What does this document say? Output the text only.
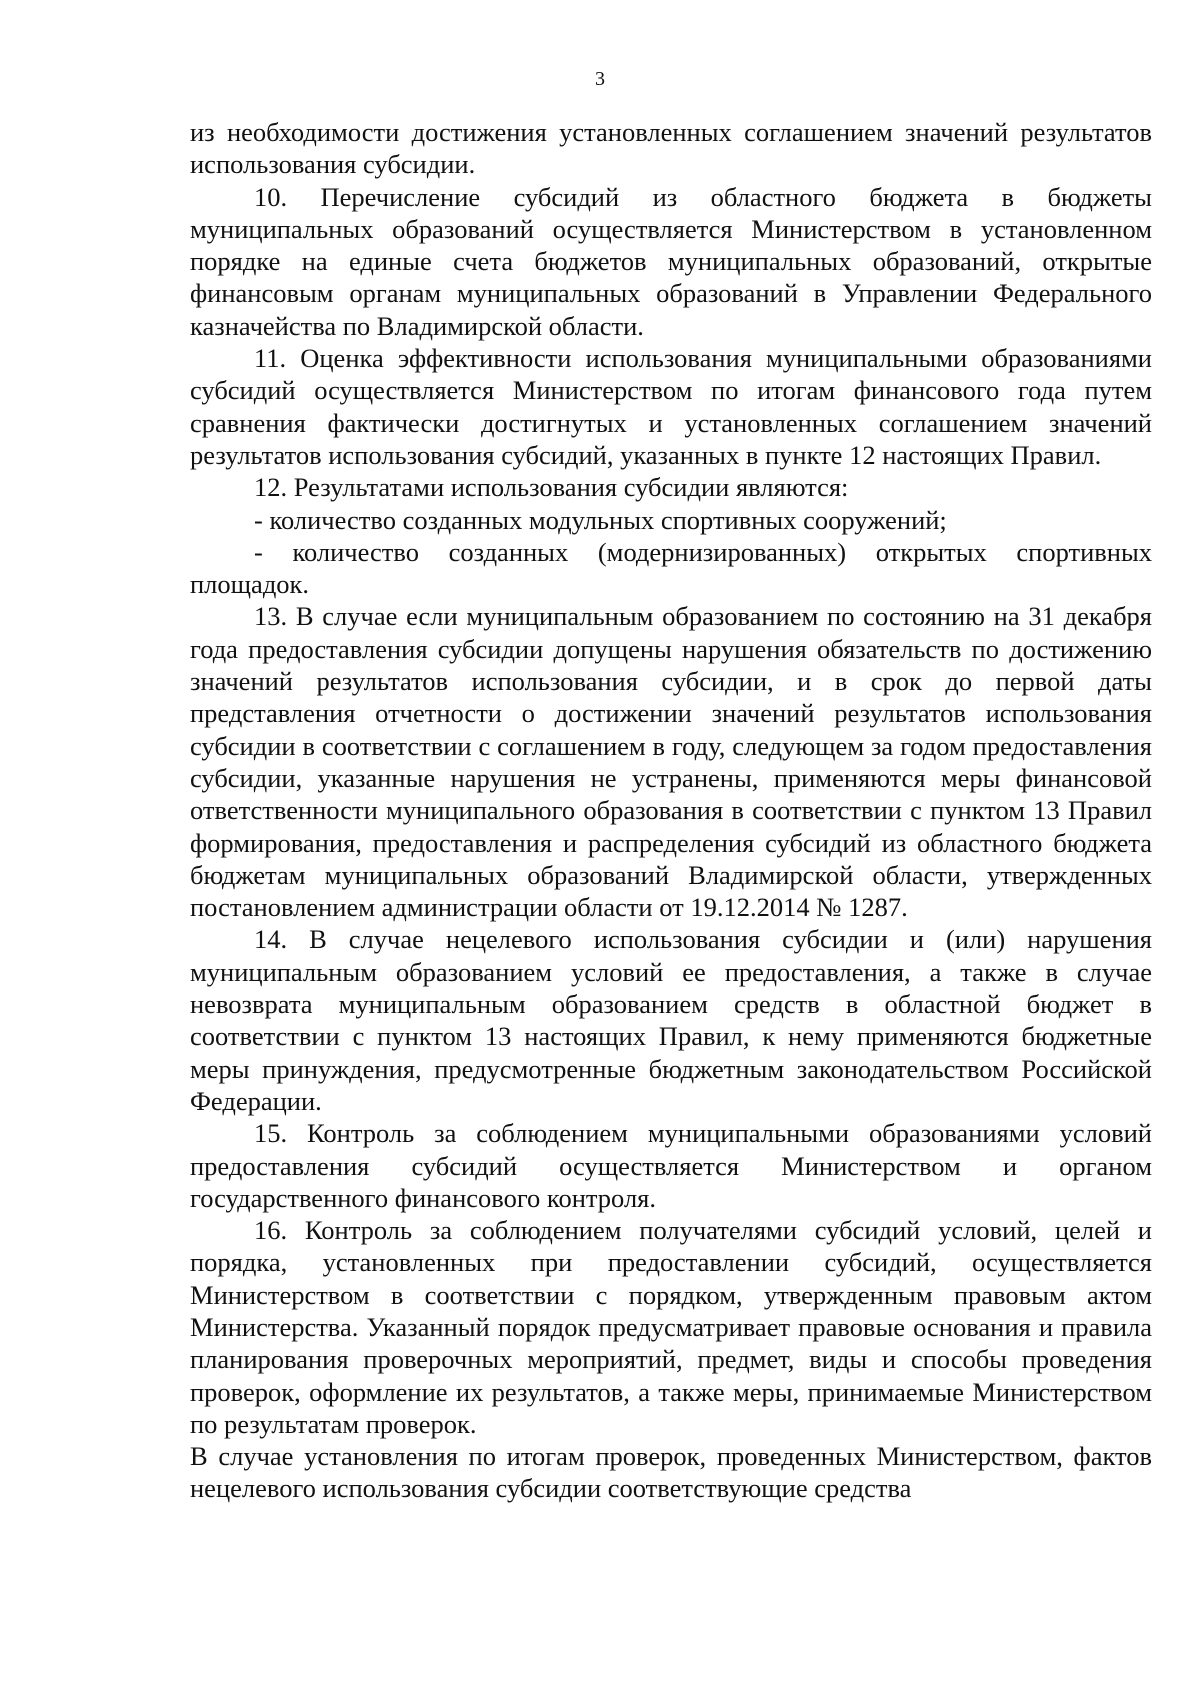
3

из необходимости достижения установленных соглашением значений результатов использования субсидии.

10. Перечисление субсидий из областного бюджета в бюджеты муниципальных образований осуществляется Министерством в установленном порядке на единые счета бюджетов муниципальных образований, открытые финансовым органам муниципальных образований в Управлении Федерального казначейства по Владимирской области.

11. Оценка эффективности использования муниципальными образованиями субсидий осуществляется Министерством по итогам финансового года путем сравнения фактически достигнутых и установленных соглашением значений результатов использования субсидий, указанных в пункте 12 настоящих Правил.

12. Результатами использования субсидии являются:

- количество созданных модульных спортивных сооружений;

- количество созданных (модернизированных) открытых спортивных площадок.

13. В случае если муниципальным образованием по состоянию на 31 декабря года предоставления субсидии допущены нарушения обязательств по достижению значений результатов использования субсидии, и в срок до первой даты представления отчетности о достижении значений результатов использования субсидии в соответствии с соглашением в году, следующем за годом предоставления субсидии, указанные нарушения не устранены, применяются меры финансовой ответственности муниципального образования в соответствии с пунктом 13 Правил формирования, предоставления и распределения субсидий из областного бюджета бюджетам муниципальных образований Владимирской области, утвержденных постановлением администрации области от 19.12.2014 № 1287.

14. В случае нецелевого использования субсидии и (или) нарушения муниципальным образованием условий ее предоставления, а также в случае невозврата муниципальным образованием средств в областной бюджет в соответствии с пунктом 13 настоящих Правил, к нему применяются бюджетные меры принуждения, предусмотренные бюджетным законодательством Российской Федерации.

15. Контроль за соблюдением муниципальными образованиями условий предоставления субсидий осуществляется Министерством и органом государственного финансового контроля.

16. Контроль за соблюдением получателями субсидий условий, целей и порядка, установленных при предоставлении субсидий, осуществляется Министерством в соответствии с порядком, утвержденным правовым актом Министерства. Указанный порядок предусматривает правовые основания и правила планирования проверочных мероприятий, предмет, виды и способы проведения проверок, оформление их результатов, а также меры, принимаемые Министерством по результатам проверок.

В случае установления по итогам проверок, проведенных Министерством, фактов нецелевого использования субсидии соответствующие средства
